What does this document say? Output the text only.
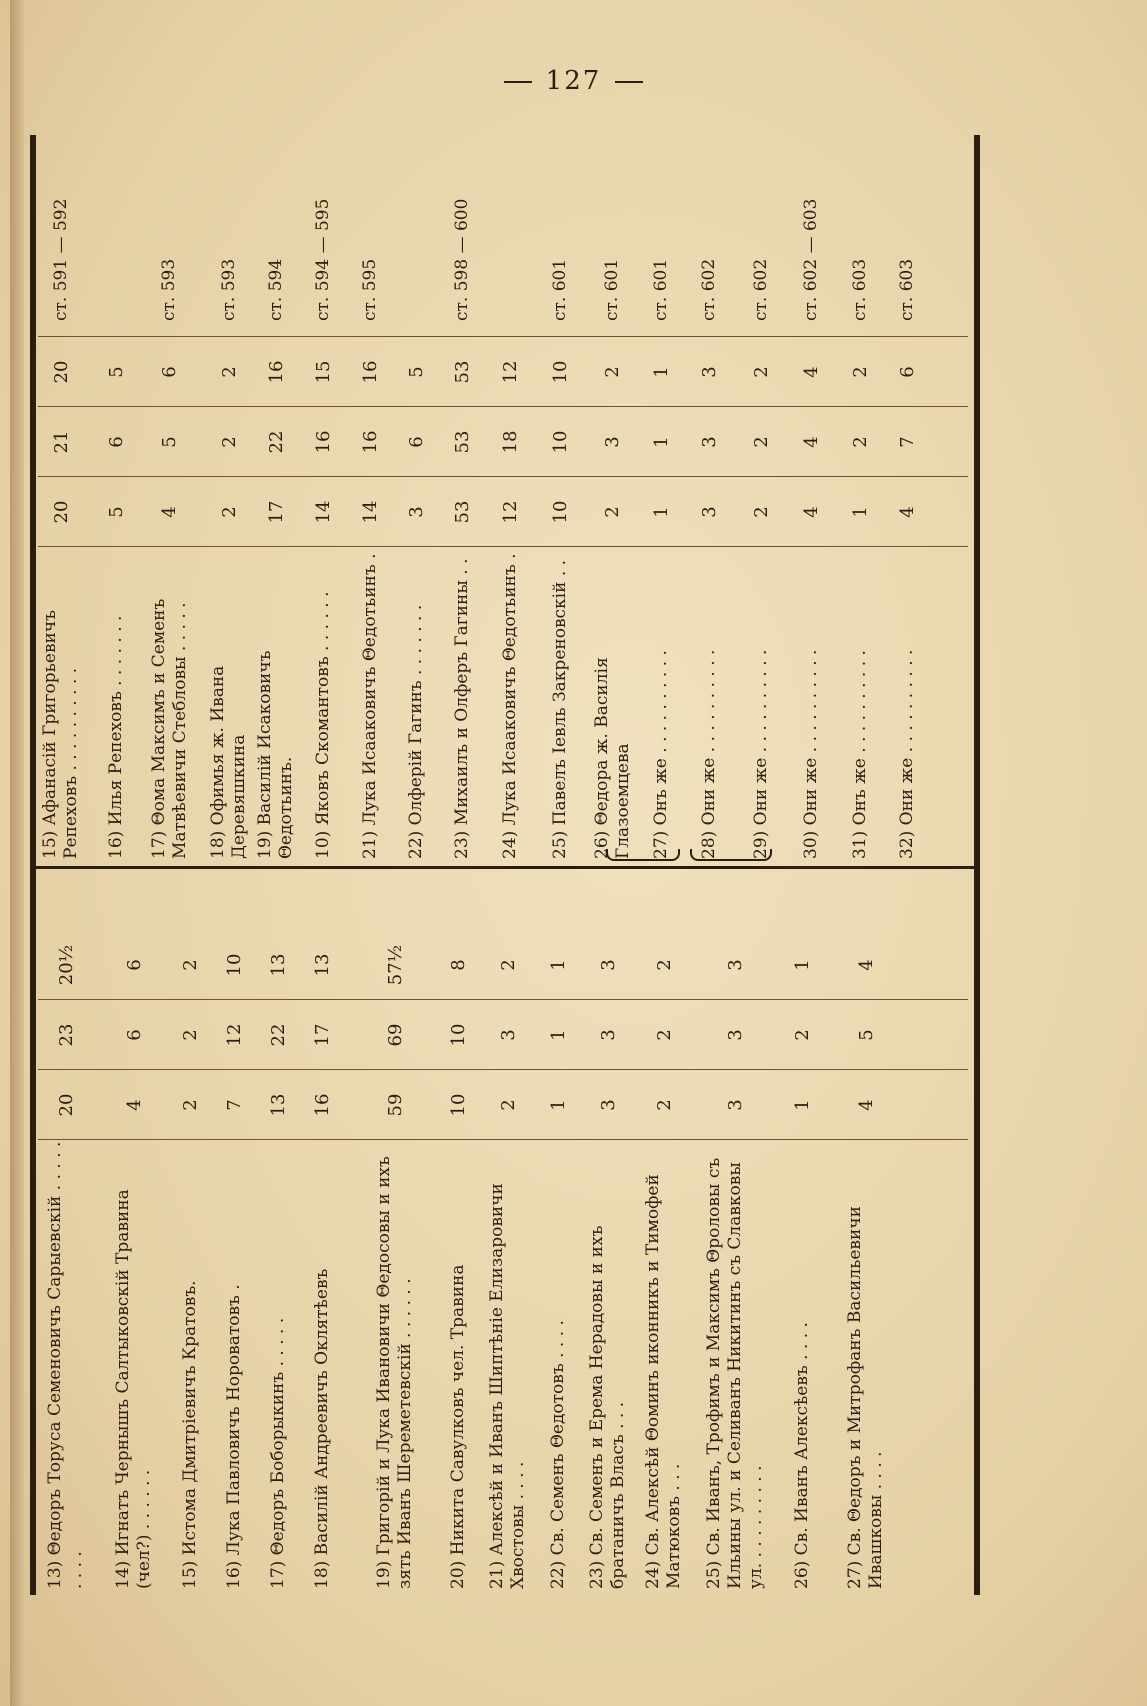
127
13) Θедоръ Торуса Семеновичъ Сарыевскій . . . . . . . . .
20
23
20½
14) Игнатъ Чернышъ Салтыковскій Травина (чел?) . . . . . .
4
6
6
15) Истома Дмитріевичъ Кратовъ.
2
2
2
16) Лука Павловичъ Нороватовъ .
7
12
10
17) Θедоръ Боборыкинъ . . . . .
13
22
13
18) Василій Андреевичъ Оклятѣевъ
16
17
13
19) Григорій и Лука Ивановичи Θедосовы и ихъ зять Иванъ Шереметевскій . . . . . .
59
69
57½
20) Никита Савулковъ чел. Травина
10
10
8
21) Алексѣй и Иванъ Шиптѣніе Елизаровичи Хвостовы . . . .
2
3
2
22) Св. Семенъ Θедотовъ . . . .
1
1
1
23) Св. Семенъ и Ерема Нерадовы и ихъ братаничъ Власъ . . .
3
3
3
24) Св. Алексѣй Θоминъ иконникъ и Тимофей Матюковъ . . .
2
2
2
25) Св. Иванъ, Трофимъ и Максимъ Θроловы съ Ильины ул. и Селиванъ Никитинъ съ Славковы ул. . . . . . . . . .
3
3
3
26) Св. Иванъ Алексѣевъ . . . .
1
2
1
27) Св. Θедоръ и Митрофанъ Васильевичи Ивашковы . . . .
4
5
4
15) Афанасій Григорьевичъ Репеховъ . . . . . . . . . .
20
21
20
ст. 591 — 592
16) Илья Репеховъ . . . . . . .
5
6
5
17) Θома Максимъ и Семенъ Матвѣевичи Стебловы . . . . .
4
5
6
ст. 593
18) Офимья ж. Ивана Деревяшкина
2
2
2
ст. 593
19) Василій Исаковичъ Θедотьинъ.
17
22
16
ст. 594
10) Яковъ Скомантовъ . . . . . .
14
16
15
ст. 594 — 595
21) Лука Исааковичъ Θедотьинъ .
14
16
16
ст. 595
22) Олферій Гагинъ . . . . . . .
3
6
5
23) Михаилъ и Олферъ Гагины . .
53
53
53
ст. 598 — 600
24) Лука Исааковичъ Θедотьинъ .
12
18
12
25) Павелъ Іевль Закреновскій . .
10
10
10
ст. 601
26) Θедора ж. Василія Глазоемцева
2
3
2
ст. 601
27) Онъ же . . . . . . . . . .
1
1
1
ст. 601
28) Они же . . . . . . . . . .
3
3
3
ст. 602
29) Они же . . . . . . . . . .
2
2
2
ст. 602
30) Они же . . . . . . . . . .
4
4
4
ст. 602 — 603
31) Онъ же . . . . . . . . . .
1
2
2
ст. 603
32) Они же . . . . . . . . . .
4
7
6
ст. 603
